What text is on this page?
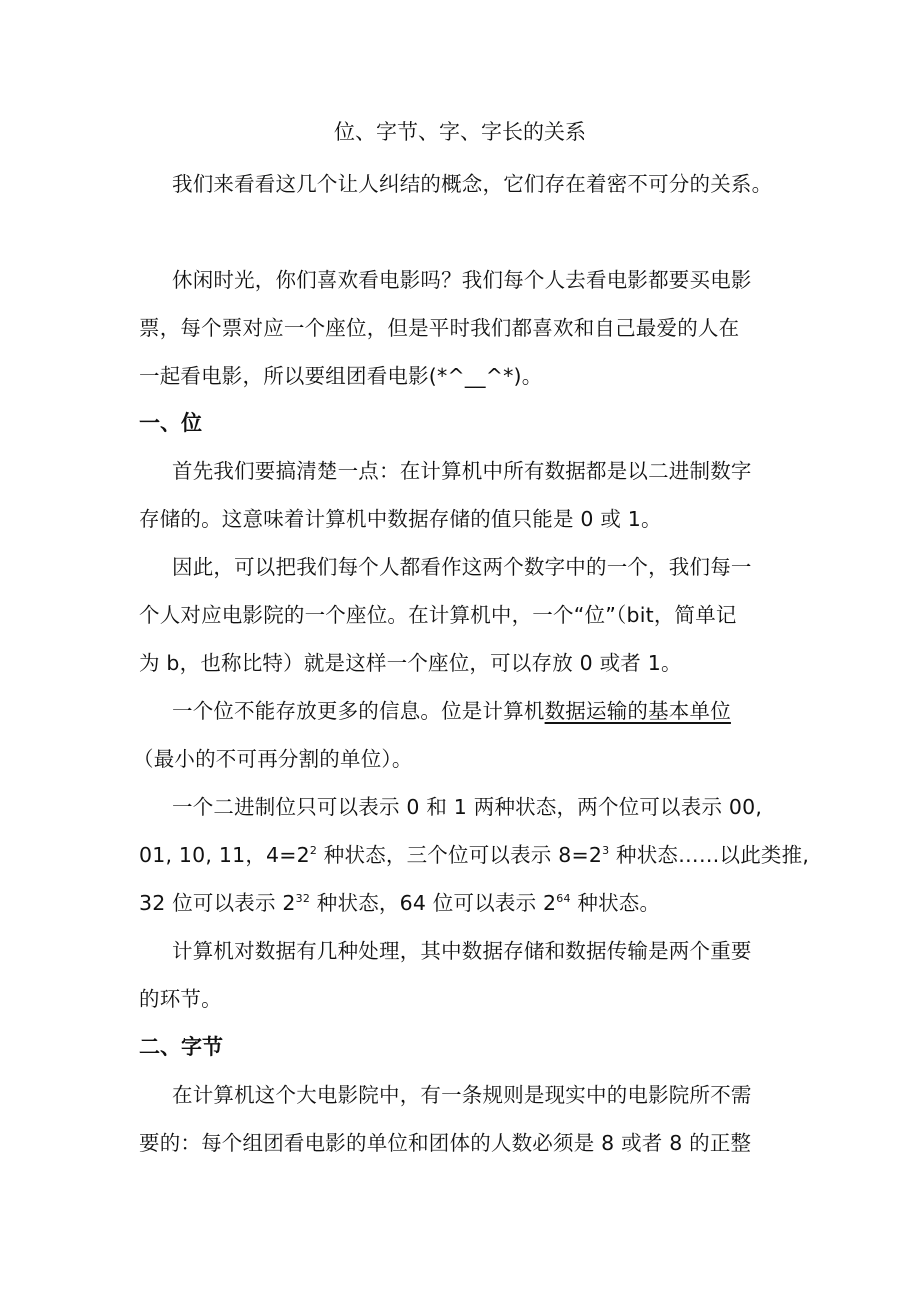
位、字节、字、字长的关系
我们来看看这几个让人纠结的概念，它们存在着密不可分的关系。
休闲时光，你们喜欢看电影吗？我们每个人去看电影都要买电影
票，每个票对应一个座位，但是平时我们都喜欢和自己最爱的人在
一起看电影，所以要组团看电影(*^__^*)。
一、位
首先我们要搞清楚一点：在计算机中所有数据都是以二进制数字
存储的。这意味着计算机中数据存储的值只能是 0 或 1。
因此，可以把我们每个人都看作这两个数字中的一个，我们每一
个人对应电影院的一个座位。在计算机中，一个“位”（bit，简单记
为 b，也称比特）就是这样一个座位，可以存放 0 或者 1。
一个位不能存放更多的信息。位是计算机数据运输的基本单位
（最小的不可再分割的单位）。
一个二进制位只可以表示 0 和 1 两种状态，两个位可以表示 00,
01, 10, 11，$4=2^2$ 种状态，三个位可以表示 $8=2^3$ 种状态……以此类推,
32 位可以表示 $2^{32}$ 种状态，64 位可以表示 $2^{64}$ 种状态。
计算机对数据有几种处理，其中数据存储和数据传输是两个重要
的环节。
二、字节
在计算机这个大电影院中，有一条规则是现实中的电影院所不需
要的：每个组团看电影的单位和团体的人数必须是 8 或者 8 的正整
